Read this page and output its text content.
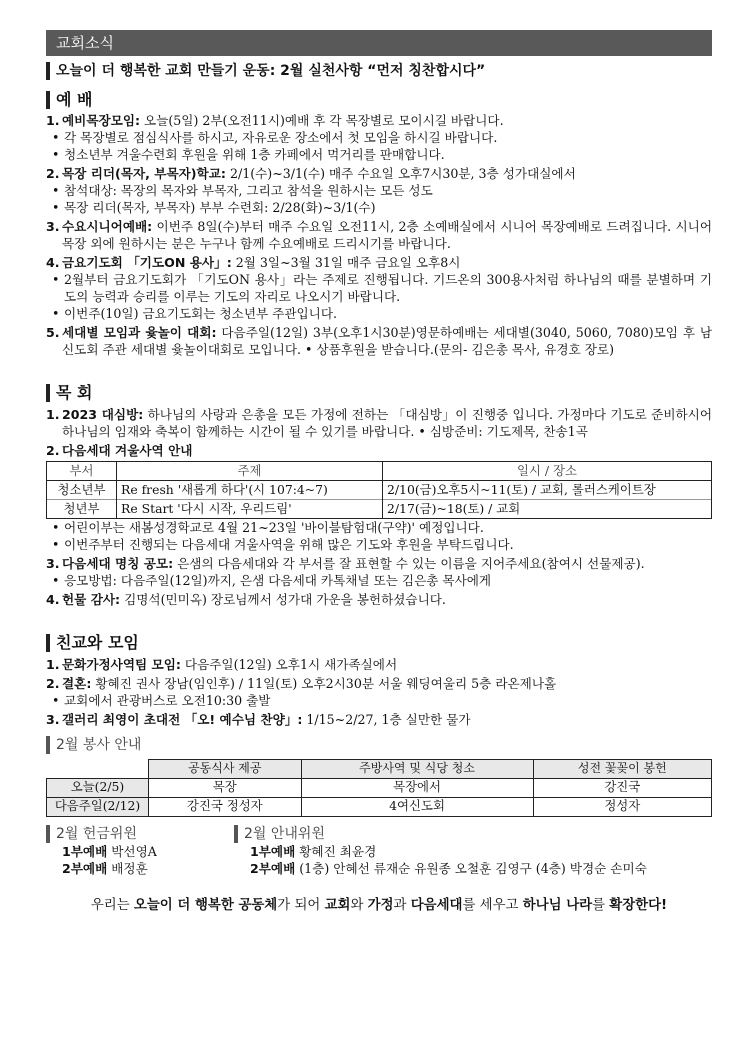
교회소식
오늘이 더 행복한 교회 만들기 운동: 2월 실천사항 “먼저 칭찬합시다”
예 배
1. 예비목장모임: 오늘(5일) 2부(오전11시)예배 후 각 목장별로 모이시길 바랍니다.
• 각 목장별로 점심식사를 하시고, 자유로운 장소에서 첫 모임을 하시길 바랍니다.
• 청소년부 겨울수련회 후원을 위해 1층 카페에서 먹거리를 판매합니다.
2. 목장 리더(목자, 부목자)학교: 2/1(수)~3/1(수) 매주 수요일 오후7시30분, 3층 성가대실에서
• 참석대상: 목장의 목자와 부목자, 그리고 참석을 원하시는 모든 성도
• 목장 리더(목자, 부목자) 부부 수련회: 2/28(화)~3/1(수)
3. 수요시니어예배: 이번주 8일(수)부터 매주 수요일 오전11시, 2층 소예배실에서 시니어 목장예배로 드려집니다. 시니어 목장 외에 원하시는 분은 누구나 함께 수요예배로 드리시기를 바랍니다.
4. 금요기도회 「기도ON 용사」: 2월 3일~3월 31일 매주 금요일 오후8시
• 2월부터 금요기도회가 「기도ON 용사」라는 주제로 진행됩니다. 기드온의 300용사처럼 하나님의 때를 분별하며 기도의 능력과 승리를 이루는 기도의 자리로 나오시기 바랍니다.
• 이번주(10일) 금요기도회는 청소년부 주관입니다.
5. 세대별 모임과 윷놀이 대회: 다음주일(12일) 3부(오후1시30분)영문하예배는 세대별(3040, 5060, 7080)모임 후 남신도회 주관 세대별 윷놀이대회로 모입니다. • 상품후원을 받습니다.(문의- 김은총 목사, 유경호 장로)
목 회
1. 2023 대심방: 하나님의 사랑과 은총을 모든 가정에 전하는 「대심방」이 진행중 입니다. 가정마다 기도로 준비하시어 하나님의 임재와 축복이 함께하는 시간이 될 수 있기를 바랍니다. • 심방준비: 기도제목, 찬송1곡
2. 다음세대 겨울사역 안내
부서	주제	일시 / 장소
청소년부	Re fresh '새롭게 하다'(시 107:4~7)	2/10(금)오후5시~11(토) / 교회, 롤러스케이트장
청년부	Re Start '다시 시작, 우리드림'	2/17(금)~18(토) / 교회
• 어린이부는 새봄성경학교로 4월 21~23일 '바이블탐험대(구약)' 예정입니다.
• 이번주부터 진행되는 다음세대 겨울사역을 위해 많은 기도와 후원을 부탁드립니다.
3. 다음세대 명칭 공모: 은샘의 다음세대와 각 부서를 잘 표현할 수 있는 이름을 지어주세요(참여시 선물제공).
• 응모방법: 다음주일(12일)까지, 은샘 다음세대 카톡채널 또는 김은총 목사에게
4. 헌물 감사: 김명석(민미옥) 장로님께서 성가대 가운을 봉헌하셨습니다.
친교와 모임
1. 문화가정사역팀 모임: 다음주일(12일) 오후1시 새가족실에서
2. 결혼: 황혜진 권사 장남(임인후) / 11일(토) 오후2시30분 서울 웨딩여울리 5층 라온제나홀
• 교회에서 관광버스로 오전10:30 출발
3. 갤러리 최영이 초대전 「오! 예수님 찬양」: 1/15~2/27, 1층 실만한 물가
2월 봉사 안내
	공동식사 제공	주방사역 및 식당 청소	성전 꽃꽂이 봉헌
오늘(2/5)	목장	목장에서	강진국
다음주일(2/12)	강진국 정성자	4여신도회	정성자
2월 헌금위원
1부예배 박선영A
2부예배 배정훈
2월 안내위원
1부예배 황혜진 최윤경
2부예배 (1층) 안혜선 류재순 유원종 오철훈 김영구 (4층) 박경순 손미숙
우리는 오늘이 더 행복한 공동체가 되어 교회와 가정과 다음세대를 세우고 하나님 나라를 확장한다!
